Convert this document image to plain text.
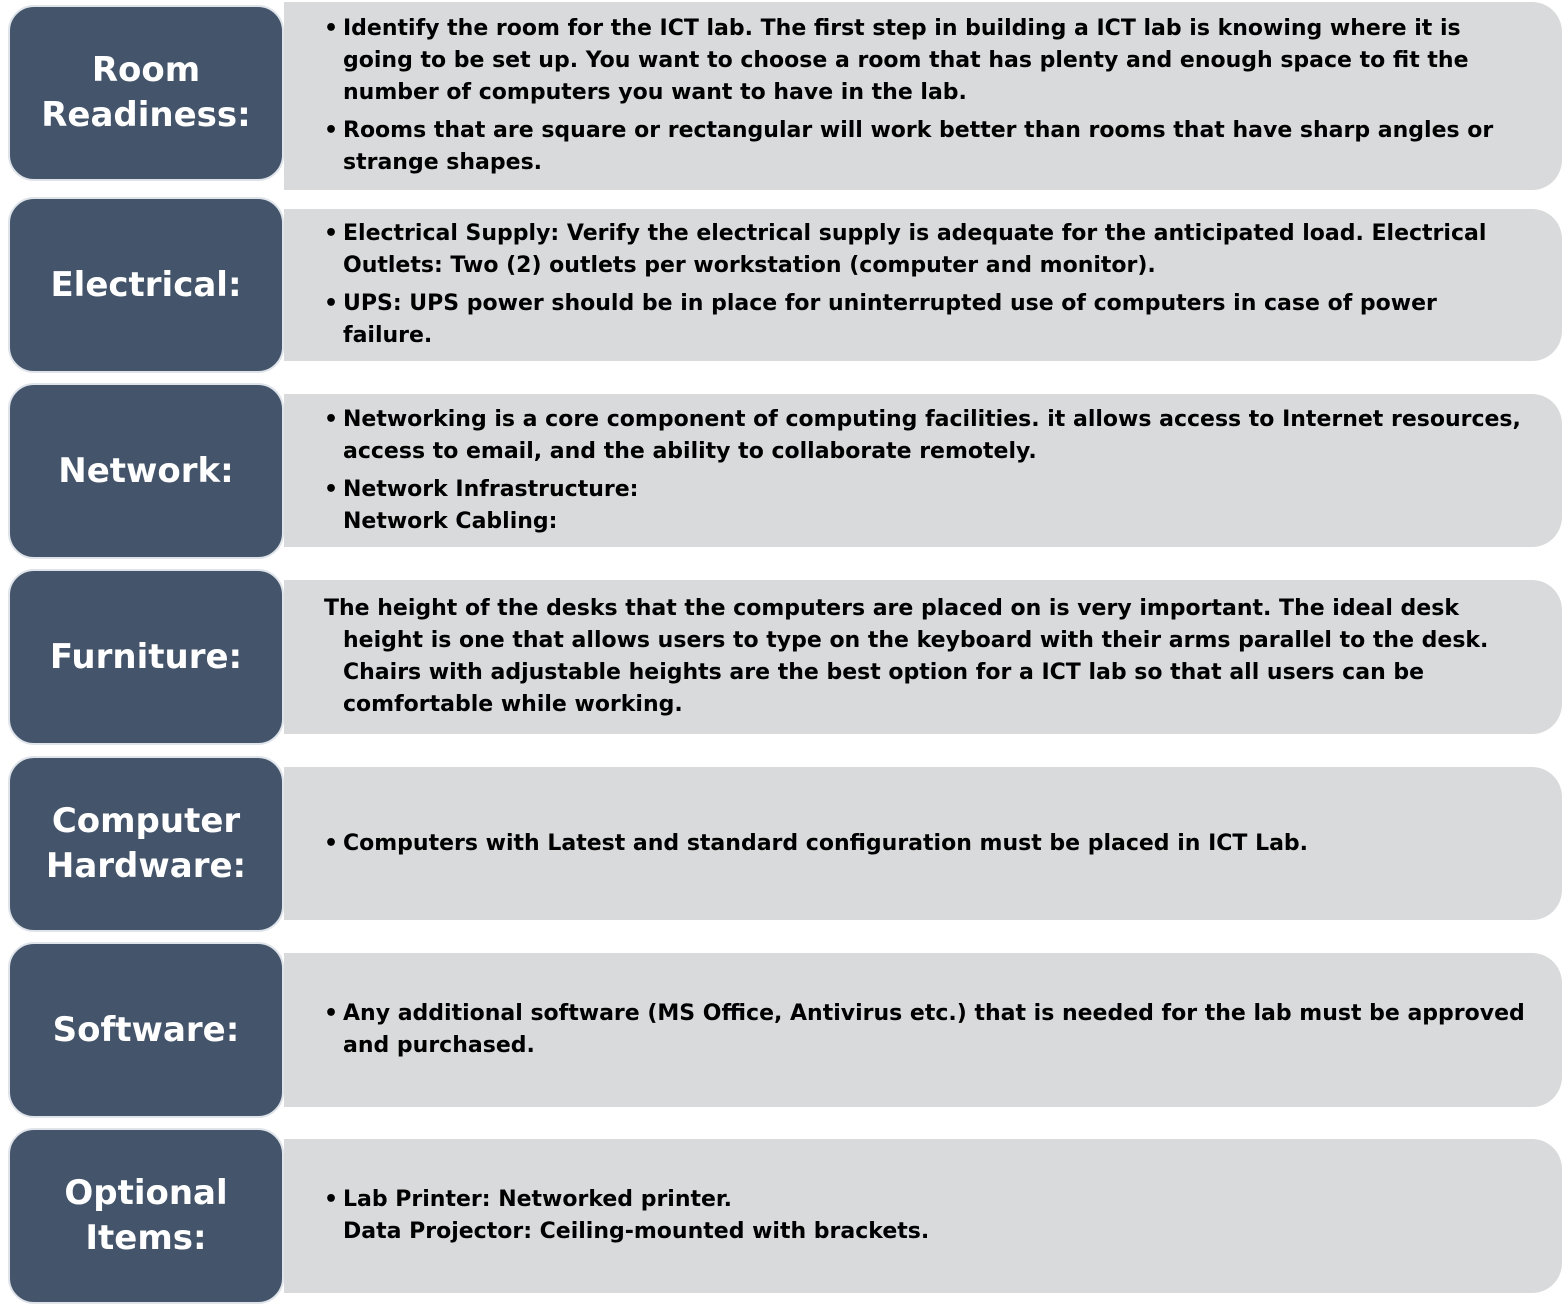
Room
Readiness:
• Identify the room for the ICT lab. The first step in building a ICT lab is knowing where it is going to be set up. You want to choose a room that has plenty and enough space to fit the number of computers you want to have in the lab.
• Rooms that are square or rectangular will work better than rooms that have sharp angles or strange shapes.
Electrical:
• Electrical Supply: Verify the electrical supply is adequate for the anticipated load. Electrical Outlets: Two (2) outlets per workstation (computer and monitor).
• UPS: UPS power should be in place for uninterrupted use of computers in case of power failure.
Network:
• Networking is a core component of computing facilities. it allows access to Internet resources, access to email, and the ability to collaborate remotely.
• Network Infrastructure:
Network Cabling:
Furniture:

The height of the desks that the computers are placed on is very important. The ideal desk height is one that allows users to type on the keyboard with their arms parallel to the desk. Chairs with adjustable heights are the best option for a ICT lab so that all users can be comfortable while working.

Computer
Hardware:
• Computers with Latest and standard configuration must be placed in ICT Lab.
Software:
•	Any additional software (MS Office, Antivirus etc.) that is needed for the lab must be approved and purchased.
Optional
Items:
• Lab Printer: Networked printer.
Data Projector: Ceiling-mounted with brackets.
